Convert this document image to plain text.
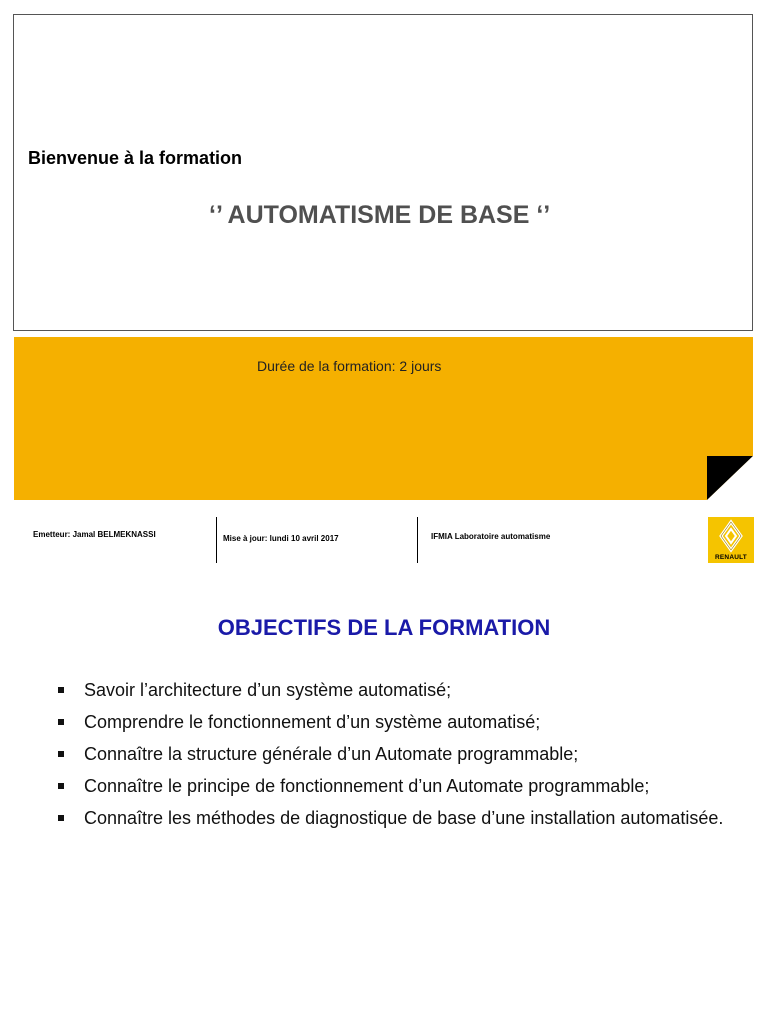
Bienvenue à la formation
‘’ AUTOMATISME DE BASE ‘’
Durée de la formation: 2 jours
Emetteur: Jamal BELMEKNASSI	Mise à jour: lundi 10 avril 2017	IFMIA Laboratoire automatisme
RENAULT
OBJECTIFS DE LA FORMATION
Savoir l’architecture d’un système automatisé;
Comprendre le fonctionnement d’un système automatisé;
Connaître la structure générale d’un Automate programmable;
Connaître le principe de fonctionnement d’un Automate programmable;
Connaître les méthodes de diagnostique de base d’une installation automatisée.
